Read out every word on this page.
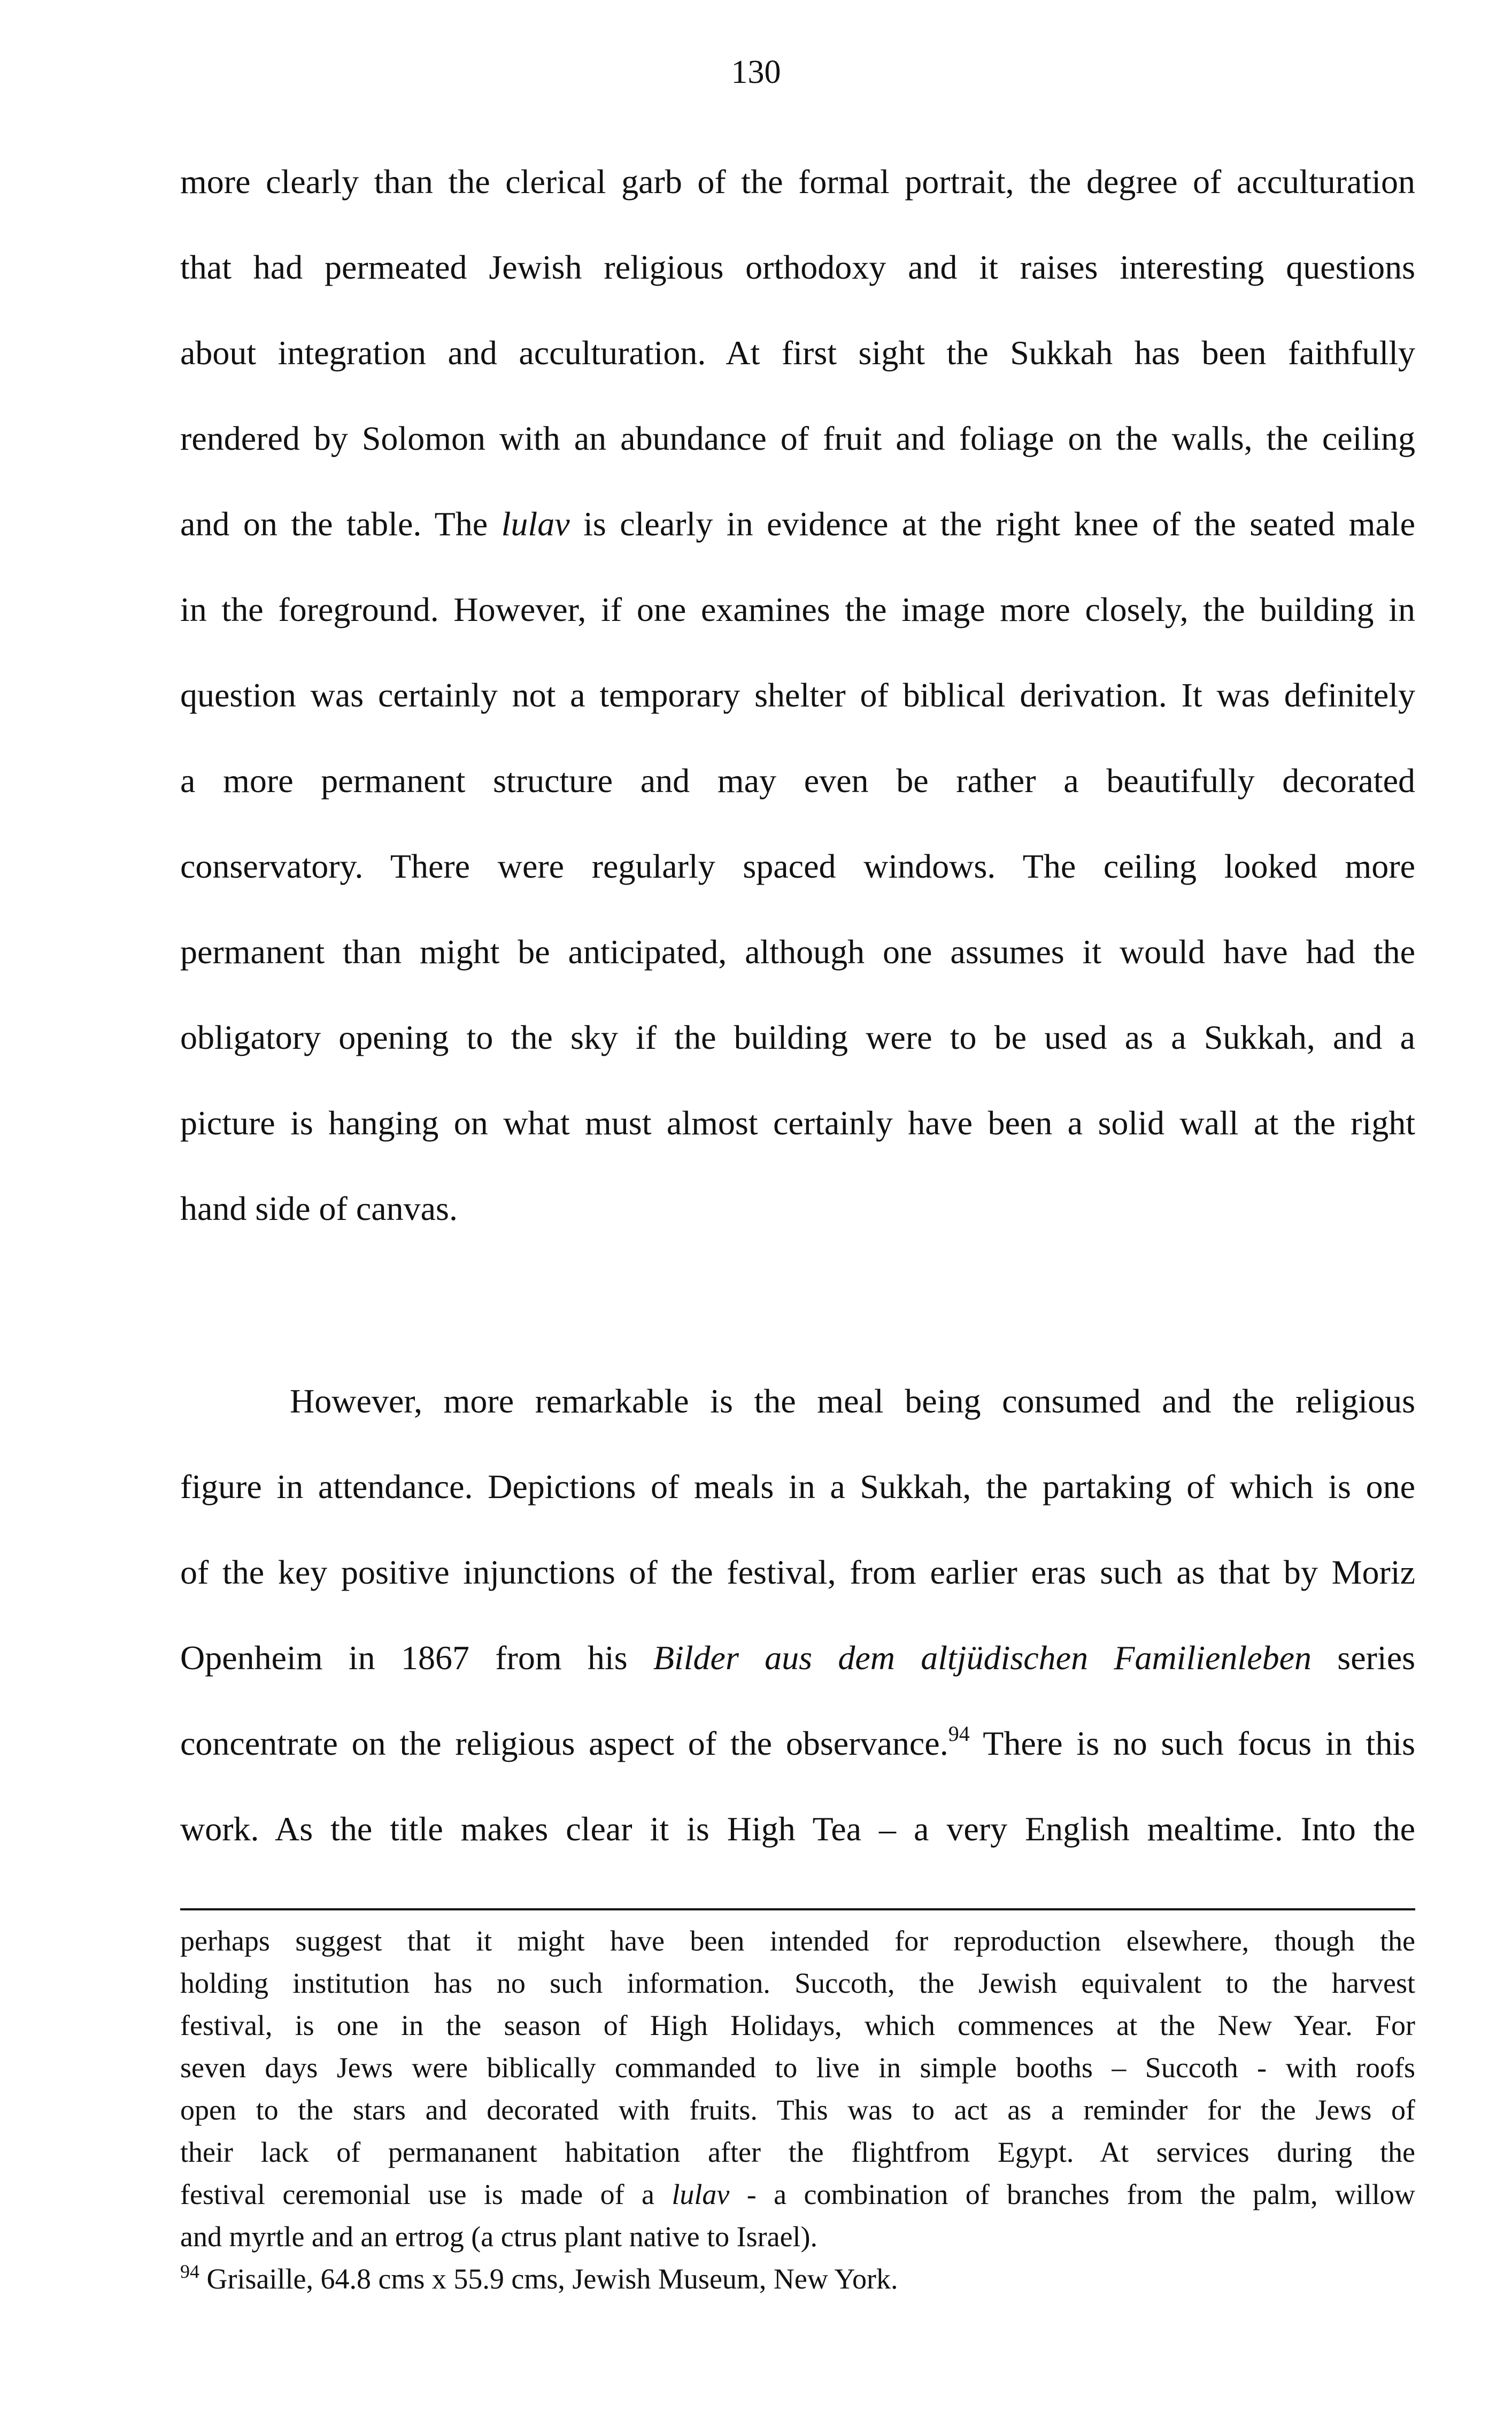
130
more clearly than the clerical garb of the formal portrait, the degree of acculturation
that had permeated Jewish religious orthodoxy and it raises interesting questions
about integration and acculturation. At first sight the Sukkah has been faithfully
rendered by Solomon with an abundance of fruit and foliage on the walls, the ceiling
and on the table. The lulav is clearly in evidence at the right knee of the seated male
in the foreground. However, if one examines the image more closely, the building in
question was certainly not a temporary shelter of biblical derivation. It was definitely
a more permanent structure and may even be rather a beautifully decorated
conservatory. There were regularly spaced windows. The ceiling looked more
permanent than might be anticipated, although one assumes it would have had the
obligatory opening to the sky if the building were to be used as a Sukkah, and a
picture is hanging on what must almost certainly have been a solid wall at the right
hand side of canvas.
However, more remarkable is the meal being consumed and the religious
figure in attendance. Depictions of meals in a Sukkah, the partaking of which is one
of the key positive injunctions of the festival, from earlier eras such as that by Moriz
Openheim in 1867 from his Bilder aus dem altjüdischen Familienleben series
concentrate on the religious aspect of the observance.$^{94}$ There is no such focus in this
work. As the title makes clear it is High Tea – a very English mealtime. Into the
perhaps suggest that it might have been intended for reproduction elsewhere, though the
holding institution has no such information. Succoth, the Jewish equivalent to the harvest
festival, is one in the season of High Holidays, which commences at the New Year. For
seven days Jews were biblically commanded to live in simple booths – Succoth - with roofs
open to the stars and decorated with fruits. This was to act as a reminder for the Jews of
their lack of permananent habitation after the flightfrom Egypt. At services during the
festival ceremonial use is made of a lulav - a combination of branches from the palm, willow
and myrtle and an ertrog (a ctrus plant native to Israel).
$^{94}$ Grisaille, 64.8 cms x 55.9 cms, Jewish Museum, New York.
